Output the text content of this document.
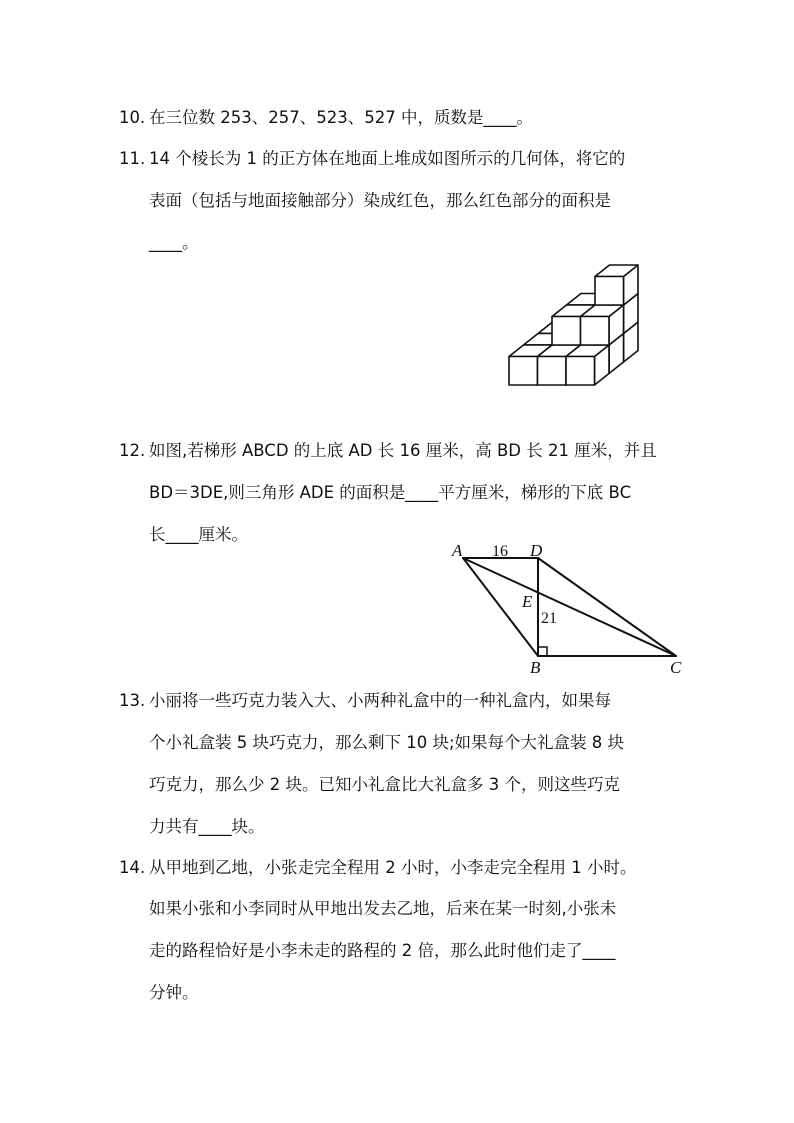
10. 在三位数 253、257、523、527 中，质数是____。
11. 14 个棱长为 1 的正方体在地面上堆成如图所示的几何体，将它的
表面（包括与地面接触部分）染成红色，那么红色部分的面积是
____。
12. 如图,若梯形 ABCD 的上底 AD 长 16 厘米，高 BD 长 21 厘米，并且
BD＝3DE,则三角形 ADE 的面积是____平方厘米，梯形的下底 BC
长____厘米。
A	D
E
B	C
16
21
13. 小丽将一些巧克力装入大、小两种礼盒中的一种礼盒内，如果每
个小礼盒装 5 块巧克力，那么剩下 10 块;如果每个大礼盒装 8 块
巧克力，那么少 2 块。已知小礼盒比大礼盒多 3 个，则这些巧克
力共有____块。
14. 从甲地到乙地，小张走完全程用 2 小时，小李走完全程用 1 小时。
如果小张和小李同时从甲地出发去乙地，后来在某一时刻,小张未
走的路程恰好是小李未走的路程的 2 倍，那么此时他们走了____
分钟。
